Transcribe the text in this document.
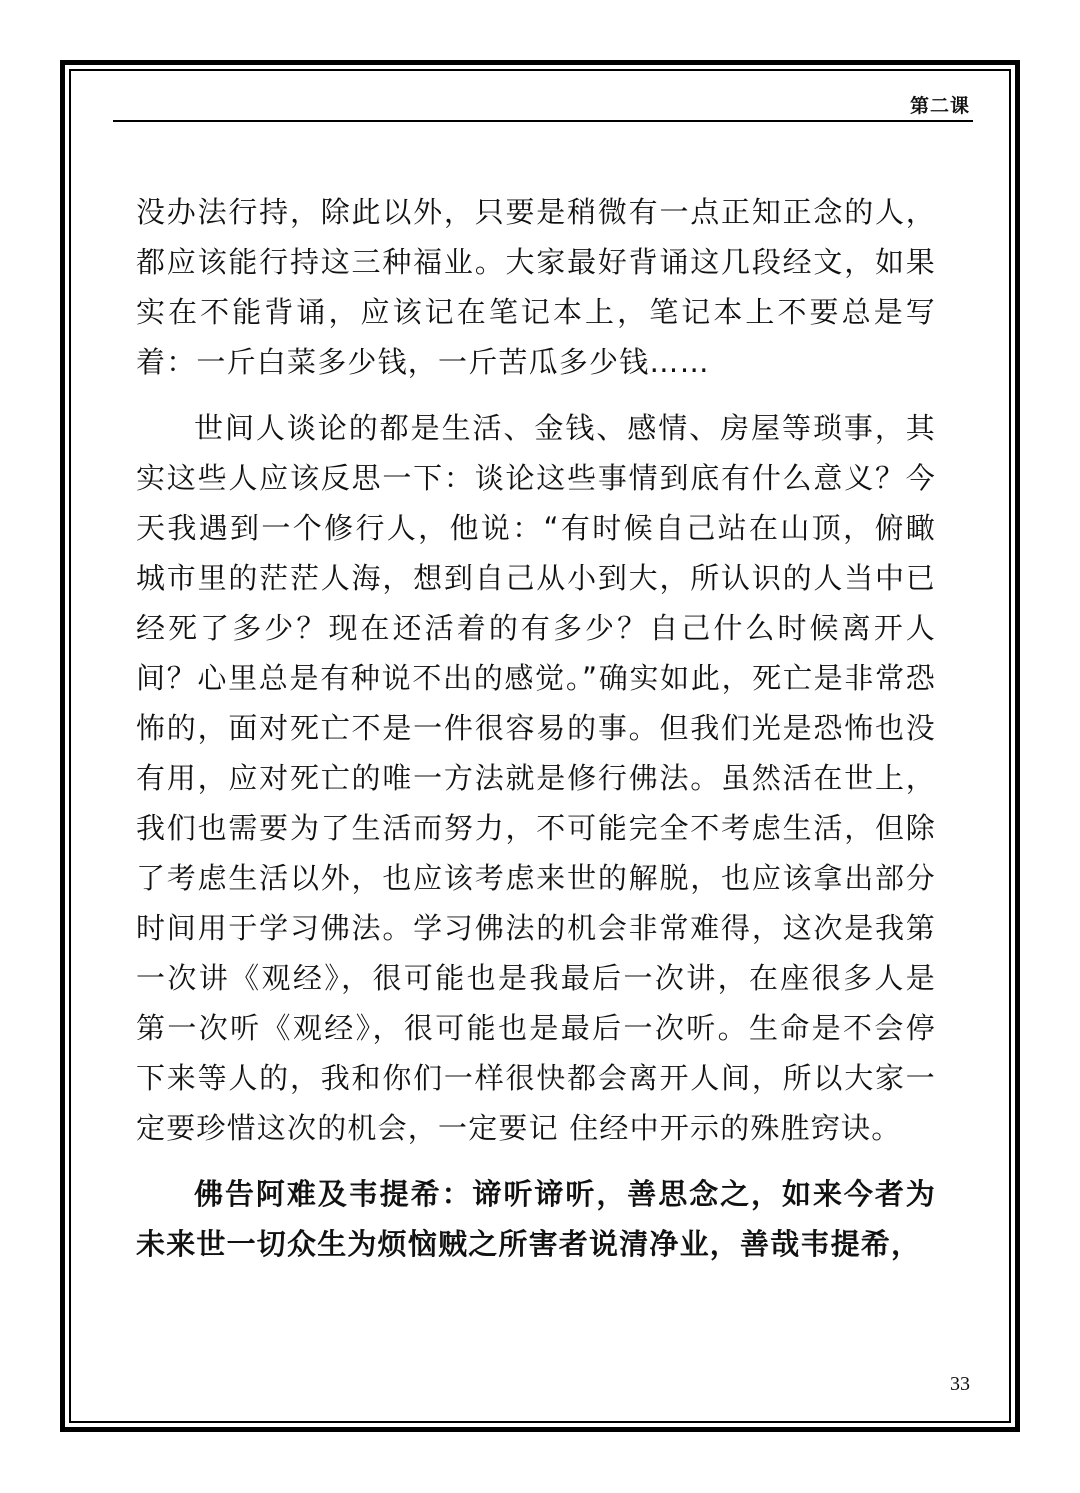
第二课

没办法行持，除此以外，只要是稍微有一点正知正念的人，都应该能行持这三种福业。大家最好背诵这几段经文，如果实在不能背诵，应该记在笔记本上，笔记本上不要总是写着：一斤白菜多少钱，一斤苦瓜多少钱……

世间人谈论的都是生活、金钱、感情、房屋等琐事，其实这些人应该反思一下：谈论这些事情到底有什么意义？今天我遇到一个修行人，他说：“有时候自己站在山顶，俯瞰城市里的茫茫人海，想到自己从小到大，所认识的人当中已经死了多少？现在还活着的有多少？自己什么时候离开人间？心里总是有种说不出的感觉。”确实如此，死亡是非常恐怖的，面对死亡不是一件很容易的事。但我们光是恐怖也没有用，应对死亡的唯一方法就是修行佛法。虽然活在世上，我们也需要为了生活而努力，不可能完全不考虑生活，但除了考虑生活以外，也应该考虑来世的解脱，也应该拿出部分时间用于学习佛法。学习佛法的机会非常难得，这次是我第一次讲《观经》，很可能也是我最后一次讲，在座很多人是第一次听《观经》，很可能也是最后一次听。生命是不会停下来等人的，我和你们一样很快都会离开人间，所以大家一定要珍惜这次的机会，一定要记 住经中开示的殊胜窍诀。

佛告阿难及韦提希：谛听谛听，善思念之，如来今者为未来世一切众生为烦恼贼之所害者说清净业，善哉韦提希，

33
